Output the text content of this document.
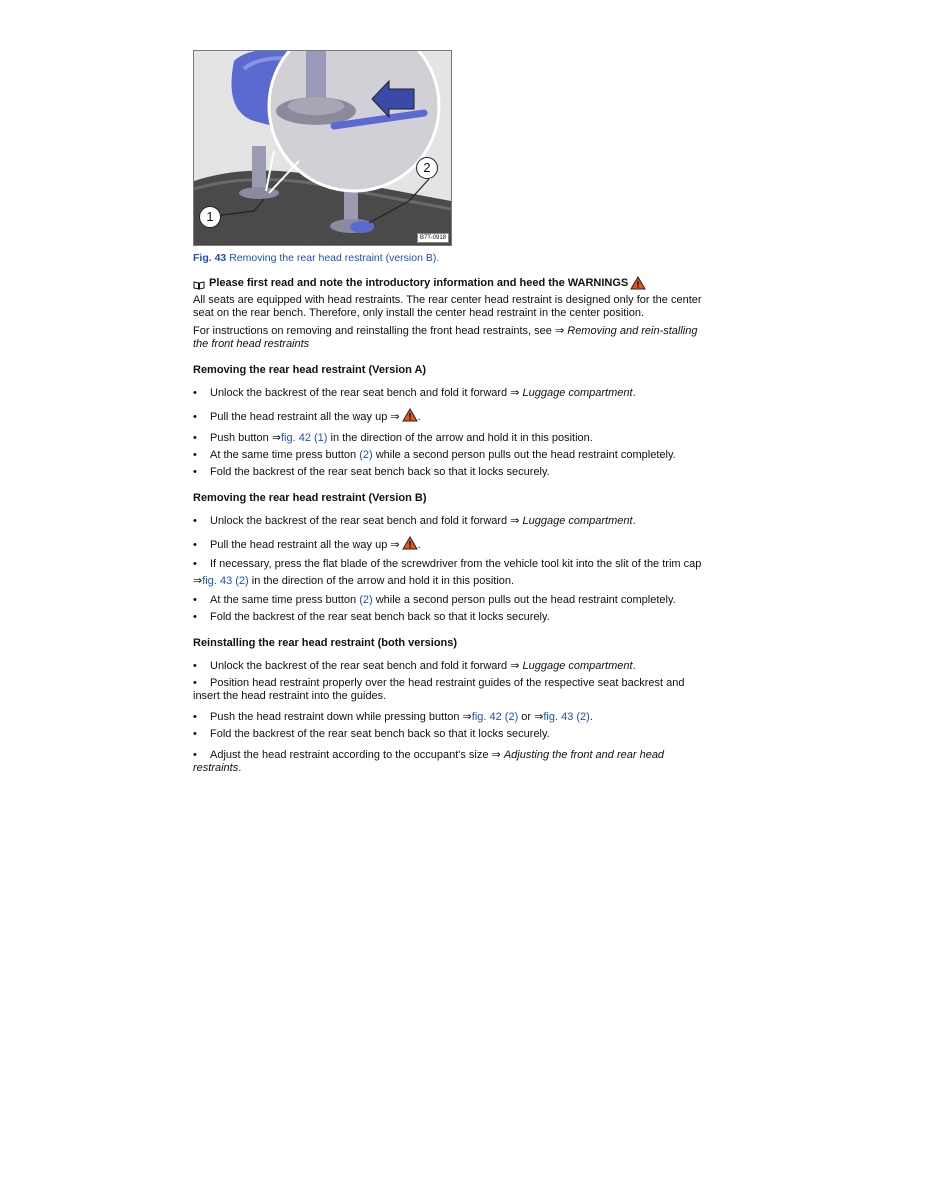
1
2
B7T-0918
Fig. 43 Removing the rear head restraint (version B).
Please first read and note the introductory information and heed the WARNINGS

All seats are equipped with head restraints. The rear center head restraint is designed only for the center seat on the rear bench. Therefore, only install the center head restraint in the center position.

For instructions on removing and reinstalling the front head restraints, see ⇒ Removing and rein-stalling the front head restraints

Removing the rear head restraint (Version A)
• Unlock the backrest of the rear seat bench and fold it forward ⇒ Luggage compartment.
• Pull the head restraint all the way up ⇒ .
• Push button ⇒fig. 42 (1) in the direction of the arrow and hold it in this position.
• At the same time press button (2) while a second person pulls out the head restraint completely.
• Fold the backrest of the rear seat bench back so that it locks securely.
Removing the rear head restraint (Version B)
• Unlock the backrest of the rear seat bench and fold it forward ⇒ Luggage compartment.
• Pull the head restraint all the way up ⇒ .
• If necessary, press the flat blade of the screwdriver from the vehicle tool kit into the slit of the trim cap ⇒fig. 43 (2) in the direction of the arrow and hold it in this position.
• At the same time press button (2) while a second person pulls out the head restraint completely.
• Fold the backrest of the rear seat bench back so that it locks securely.
Reinstalling the rear head restraint (both versions)
• Unlock the backrest of the rear seat bench and fold it forward ⇒ Luggage compartment.
• Position head restraint properly over the head restraint guides of the respective seat backrest and insert the head restraint into the guides.
• Push the head restraint down while pressing button ⇒fig. 42 (2) or ⇒fig. 43 (2).
• Fold the backrest of the rear seat bench back so that it locks securely.
• Adjust the head restraint according to the occupant's size ⇒ Adjusting the front and rear head restraints.
